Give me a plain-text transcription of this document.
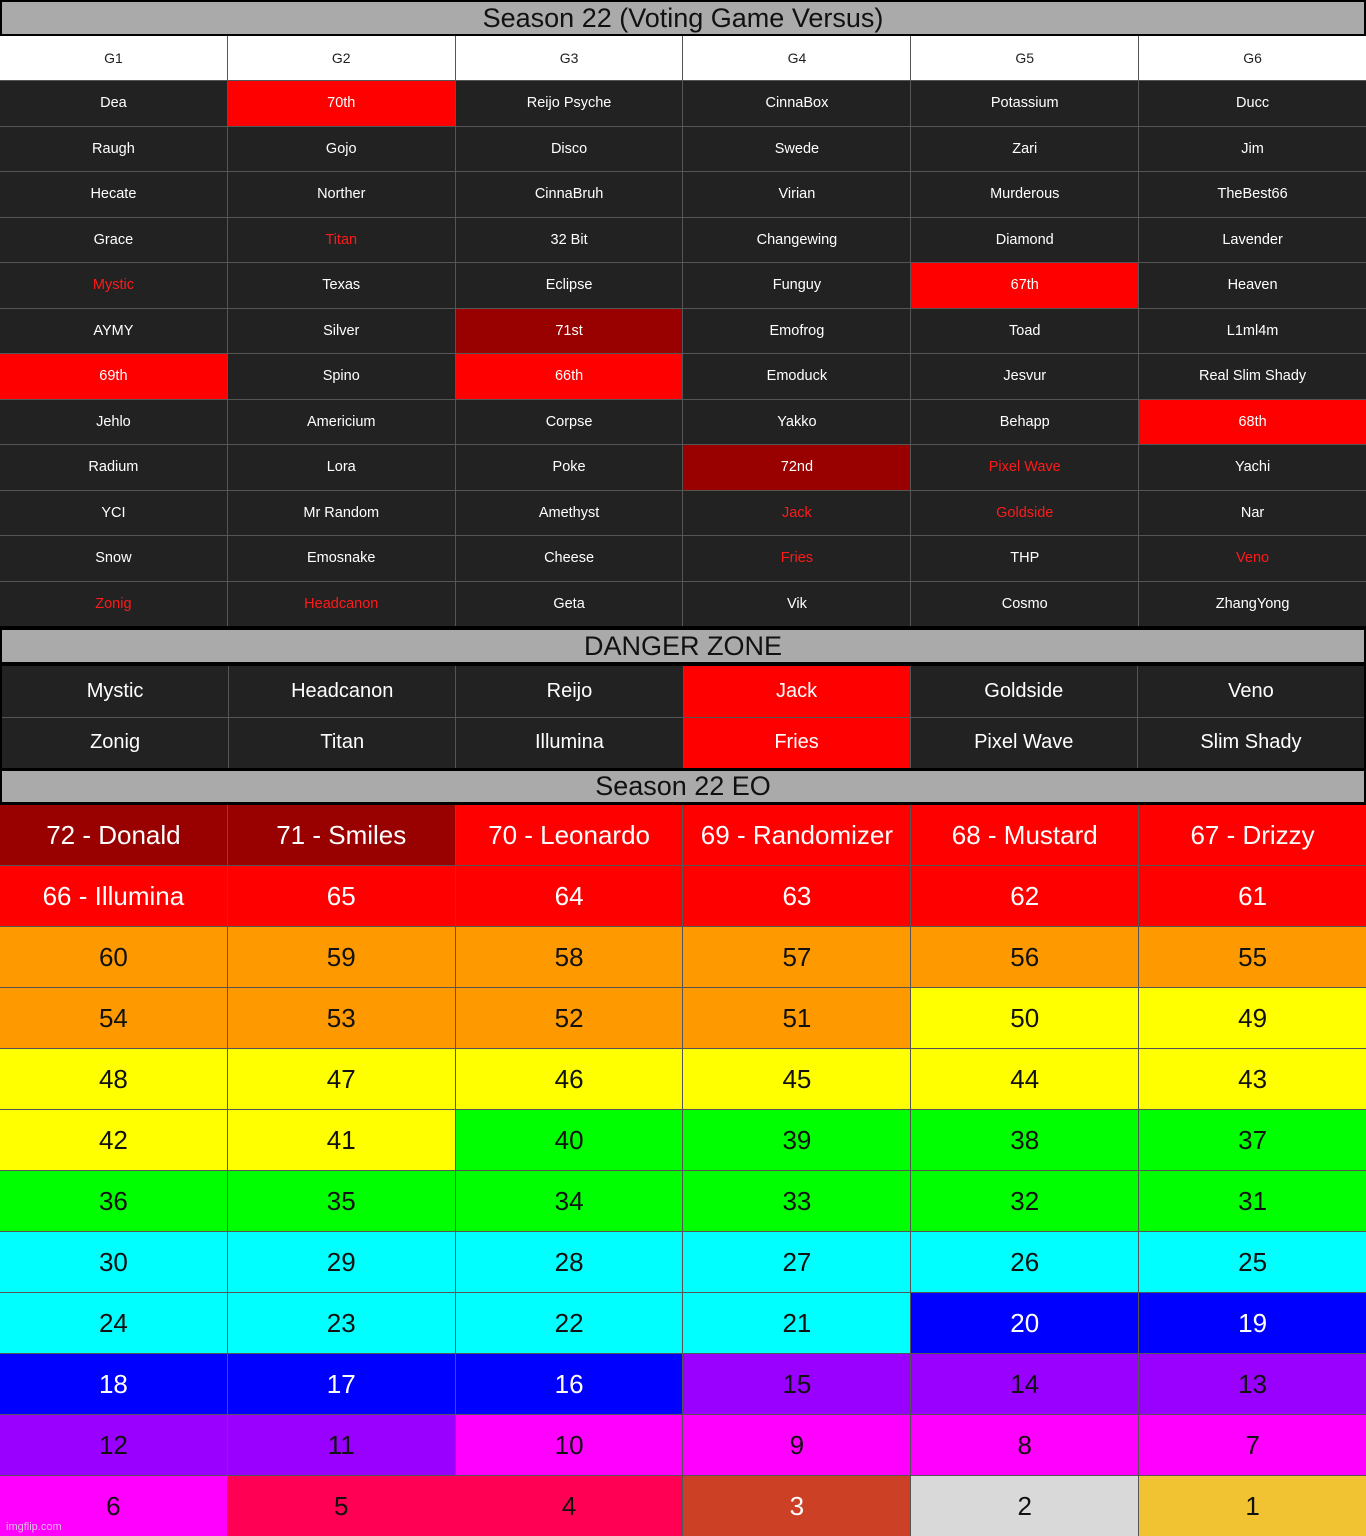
Season 22 (Voting Game Versus)
G1	G2	G3	G4	G5	G6
Dea	70th	Reijo Psyche	CinnaBox	Potassium	Ducc
Raugh	Gojo	Disco	Swede	Zari	Jim
Hecate	Norther	CinnaBruh	Virian	Murderous	TheBest66
Grace	Titan	32 Bit	Changewing	Diamond	Lavender
Mystic	Texas	Eclipse	Funguy	67th	Heaven
AYMY	Silver	71st	Emofrog	Toad	L1ml4m
69th	Spino	66th	Emoduck	Jesvur	Real Slim Shady
Jehlo	Americium	Corpse	Yakko	Behapp	68th
Radium	Lora	Poke	72nd	Pixel Wave	Yachi
YCI	Mr Random	Amethyst	Jack	Goldside	Nar
Snow	Emosnake	Cheese	Fries	THP	Veno
Zonig	Headcanon	Geta	Vik	Cosmo	ZhangYong
DANGER ZONE
Mystic	Headcanon	Reijo	Jack	Goldside	Veno
Zonig	Titan	Illumina	Fries	Pixel Wave	Slim Shady
Season 22 EO
72 - Donald	71 - Smiles	70 - Leonardo	69 - Randomizer	68 - Mustard	67 - Drizzy
66 - Illumina	65	64	63	62	61
60	59	58	57	56	55
54	53	52	51	50	49
48	47	46	45	44	43
42	41	40	39	38	37
36	35	34	33	32	31
30	29	28	27	26	25
24	23	22	21	20	19
18	17	16	15	14	13
12	11	10	9	8	7
6	5	4	3	2	1
imgflip.com
